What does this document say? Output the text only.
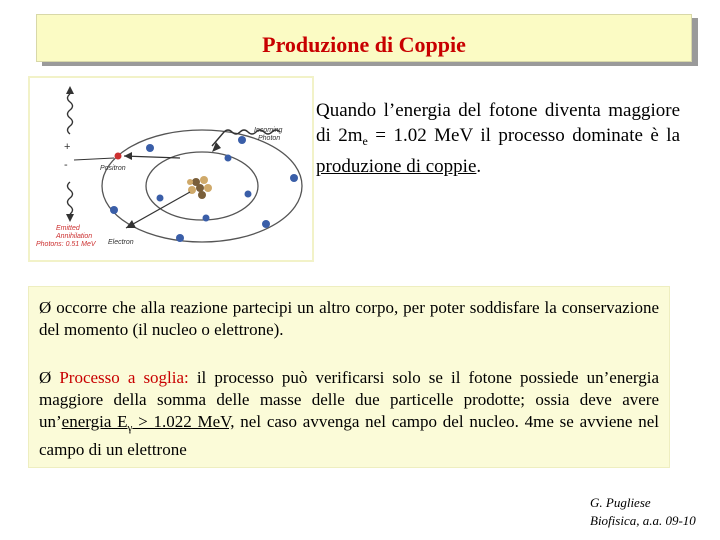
Produzione di Coppie
+
-
Incoming Photon
Positron
Emitted Annihilation
Photons: 0.51 MeV Electron
Quando l’energia del fotone diventa maggiore di $2m_e = 1.02$ MeV il processo dominate è la produzione di coppie.
Ø occorre che alla reazione partecipi un altro corpo, per poter soddisfare la conservazione del momento (il nucleo o elettrone).
Ø Processo a soglia: il processo può verificarsi solo se il fotone possiede un’energia maggiore della somma delle masse delle due particelle prodotte; ossia deve avere un’energia $E_\gamma > 1.022$ MeV, nel caso avvenga nel campo del nucleo. 4me se avviene nel campo di un elettrone
G. Pugliese
Biofisica, a.a. 09-10
